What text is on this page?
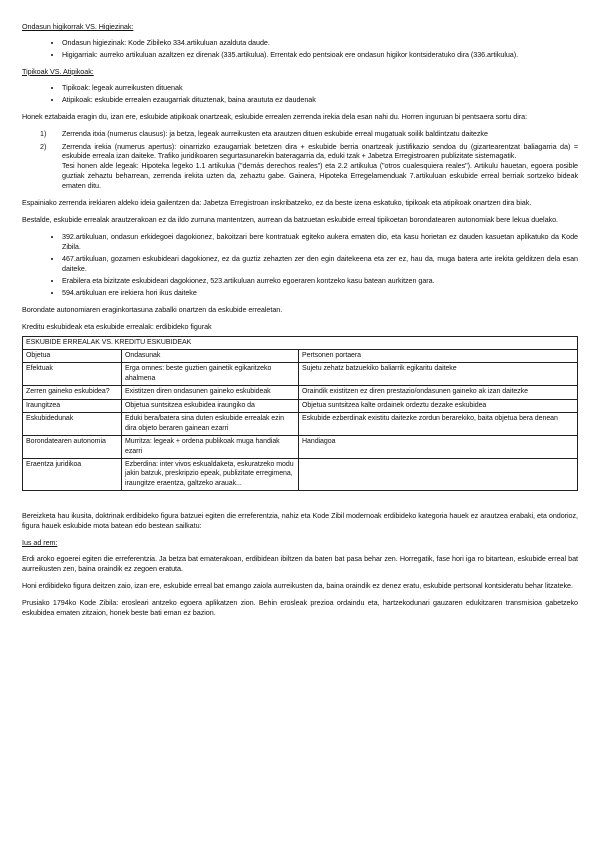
Ondasun higikorrak VS. Higiezinak:

• Ondasun higiezinak: Kode Zibileko 334.artikuluan azalduta daude.
• Higigarriak: aurreko artikuluan azaltzen ez direnak (335.artikulua). Errentak edo pentsioak ere ondasun higikor kontsideratuko dira (336.artikulua).

Tipikoak VS. Atipikoak:

• Tipikoak: legeak aurreikusten dituenak
• Atipikoak: eskubide errealen ezaugarriak dituztenak, baina araututa ez daudenak

Honek eztabaida eragin du, izan ere, eskubide atipikoak onartzeak, eskubide errealen zerrenda irekia dela esan nahi du. Horren inguruan bi pentsaera sortu dira:

1) Zerrenda itxia (numerus clausus): ja betza, legeak aurreikusten eta arautzen dituen eskubide erreal mugatuak soilik baldintzatu daitezke
2) Zerrenda irekia (numerus apertus): oinarrizko ezaugarriak betetzen dira + eskubide berria onartzeak justifikazio sendoa du (gizartearentzat baliagarria da) = eskubide erreala izan daiteke. Trafiko juridikoaren segurtasunarekin bateragarria da, eduki tzak + Jabetza Erregistroaren publizitate sistemagatik.
Tesi honen alde legeak: Hipoteka legeko 1.1 artikulua ("demás derechos reales") eta 2.2 artikulua ("otros cualesquiera reales"). Artikulu hauetan, egoera posible guztiak zehaztu beharrean, zerrenda irekita uzten da, zehaztu gabe. Gainera, Hipoteka Erregelamenduak 7.artikuluan eskubide erreal berriak sortzeko bideak ematen ditu.

Espainiako zerrenda irekiaren aldeko ideia gailentzen da: Jabetza Erregistroan inskribatzeko, ez da beste izena eskatuko, tipikoak eta atipikoak onartzen dira biak.

Bestalde, eskubide errealak arautzerakoan ez da ildo zurruna mantentzen, aurrean da batzuetan eskubide erreal tipikoetan borondatearen autonomiak bere lekua duelako.

• 392.artikuluan, ondasun erkidegoei dagokionez, bakoitzari bere kontratuak egiteko aukera ematen dio, eta kasu horietan ez dauden kasuetan aplikatuko da Kode Zibila.
• 467.artikuluan, gozamen eskubideari dagokionez, ez da guztiz zehazten zer den egin daitekeena eta zer ez, hau da, muga batera arte irekita gelditzen dela esan daiteke.
• Erabilera eta bizitzate eskubideari dagokionez, 523.artikuluan aurreko egoeraren kontzeko kasu batean aurkitzen gara.
• 594.artikuluan ere irekiera hori ikus daiteke

Borondate autonomiaren eraginkortasuna zabalki onartzen da eskubide errealetan.

Kreditu eskubideak eta eskubide errealak: erdibideko figurak

ESKUBIDE ERREALAK VS. KREDITU ESKUBIDEAK		
Objetua	Ondasunak	Pertsonen portaera
Efektuak	Erga omnes: beste guztien gainetik egikaritzeko ahalmena	Sujetu zehatz batzuekiko baliarrik egikaritu daiteke
Zerren gaineko eskubidea?	Existitzen diren ondasunen gaineko eskubideak	Oraindik existitzen ez diren prestazio/ondasunen gaineko ak izan daitezke
Iraungitzea	Objetua suntsitzea eskubidea iraungiko da	Objetua suntsitzea kalte ordainek ordeztu dezake eskubidea
Eskubidedunak	Eduki bera/batera sina duten eskubide errealak ezin dira objeto beraren gainean ezarri	Eskubide ezberdinak existitu daitezke zordun berarekiko, baita objetua bera denean
Borondatearen autonomia	Murritza: legeak + ordena publikoak muga handiak ezarri	Handiagoa
Eraentza juridikoa	Ezberdina: inter vivos eskualdaketa, eskuratzeko modu jakin batzuk, preskripzio epeak, publizitate erregimena, iraungitze eraentza, galtzeko arauak...	

Bereizketa hau ikusita, doktrinak erdibideko figura batzuei egiten die erreferentzia, nahiz eta Kode Zibil modernoak erdibideko kategoria hauek ez arautzea erabaki, eta ondorioz, figura hauek eskubide mota batean edo bestean sailkatu:

Ius ad rem:

Erdi aroko egoerei egiten die erreferentzia. Ja betza bat ematerakoan, erdibidean ibiltzen da baten bat pasa behar zen. Horregatik, fase hori iga ro bitartean, eskubide erreal bat aurreikusten zen, baina oraindik ez zegoen eratuta.

Honi erdibideko figura deitzen zaio, izan ere, eskubide erreal bat emango zaiola aurreikusten da, baina oraindik ez denez eratu, eskubide pertsonal kontsideratu behar litzateke.

Prusiako 1794ko Kode Zibila: erosleari antzeko egoera aplikatzen zion. Behin erosleak prezioa ordaindu eta, hartzekodunari gauzaren edukitzaren transmisioa gabetzeko eskubidea ematen zitzaion, honek beste bati eman ez bazion.
